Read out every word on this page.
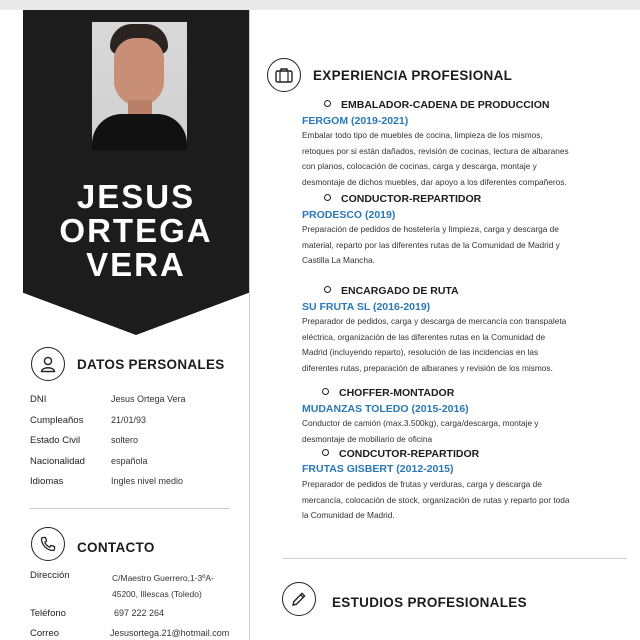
JESUS
ORTEGA
VERA
DATOS PERSONALES
DNI	Jesus Ortega Vera
Cumpleaños	21/01/93
Estado Civil	soltero
Nacionalidad	española
Idiomas	Ingles nivel medio
CONTACTO
Dirección	C/Maestro Guerrero,1-3ºA-
45200, Illescas (Toledo)
Teléfono	697 222 264
Correo	Jesusortega.21@hotmail.com
EXPERIENCIA PROFESIONAL
EMBALADOR-CADENA DE PRODUCCION
FERGOM (2019-2021)
Embalar todo tipo de muebles de cocina, limpieza de los mismos,
retoques por si están dañados, revisión de cocinas, lectura de albaranes
con planos, colocación de cocinas, carga y descarga, montaje y
desmontaje de dichos muebles, dar apoyo a los diferentes compañeros.
CONDUCTOR-REPARTIDOR
PRODESCO (2019)
Preparación de pedidos de hostelería y limpieza, carga y descarga de
material, reparto por las diferentes rutas de la Comunidad de Madrid y
Castilla La Mancha.
ENCARGADO DE RUTA
SU FRUTA SL (2016-2019)
Preparador de pedidos, carga y descarga de mercancía con transpaleta
eléctrica, organización de las diferentes rutas en la Comunidad de
Madrid (incluyendo reparto), resolución de las incidencias en las
diferentes rutas, preparación de albaranes y revisión de los mismos.
CHOFFER-MONTADOR
MUDANZAS TOLEDO (2015-2016)
Conductor de camión (max.3.500kg), carga/descarga, montaje y
desmontaje de mobiliario de oficina
CONDCUTOR-REPARTIDOR
FRUTAS GISBERT (2012-2015)
Preparador de pedidos de frutas y verduras, carga y descarga de
mercancía, colocación de stock, organización de rutas y reparto por toda
la Comunidad de Madrid.
ESTUDIOS PROFESIONALES
